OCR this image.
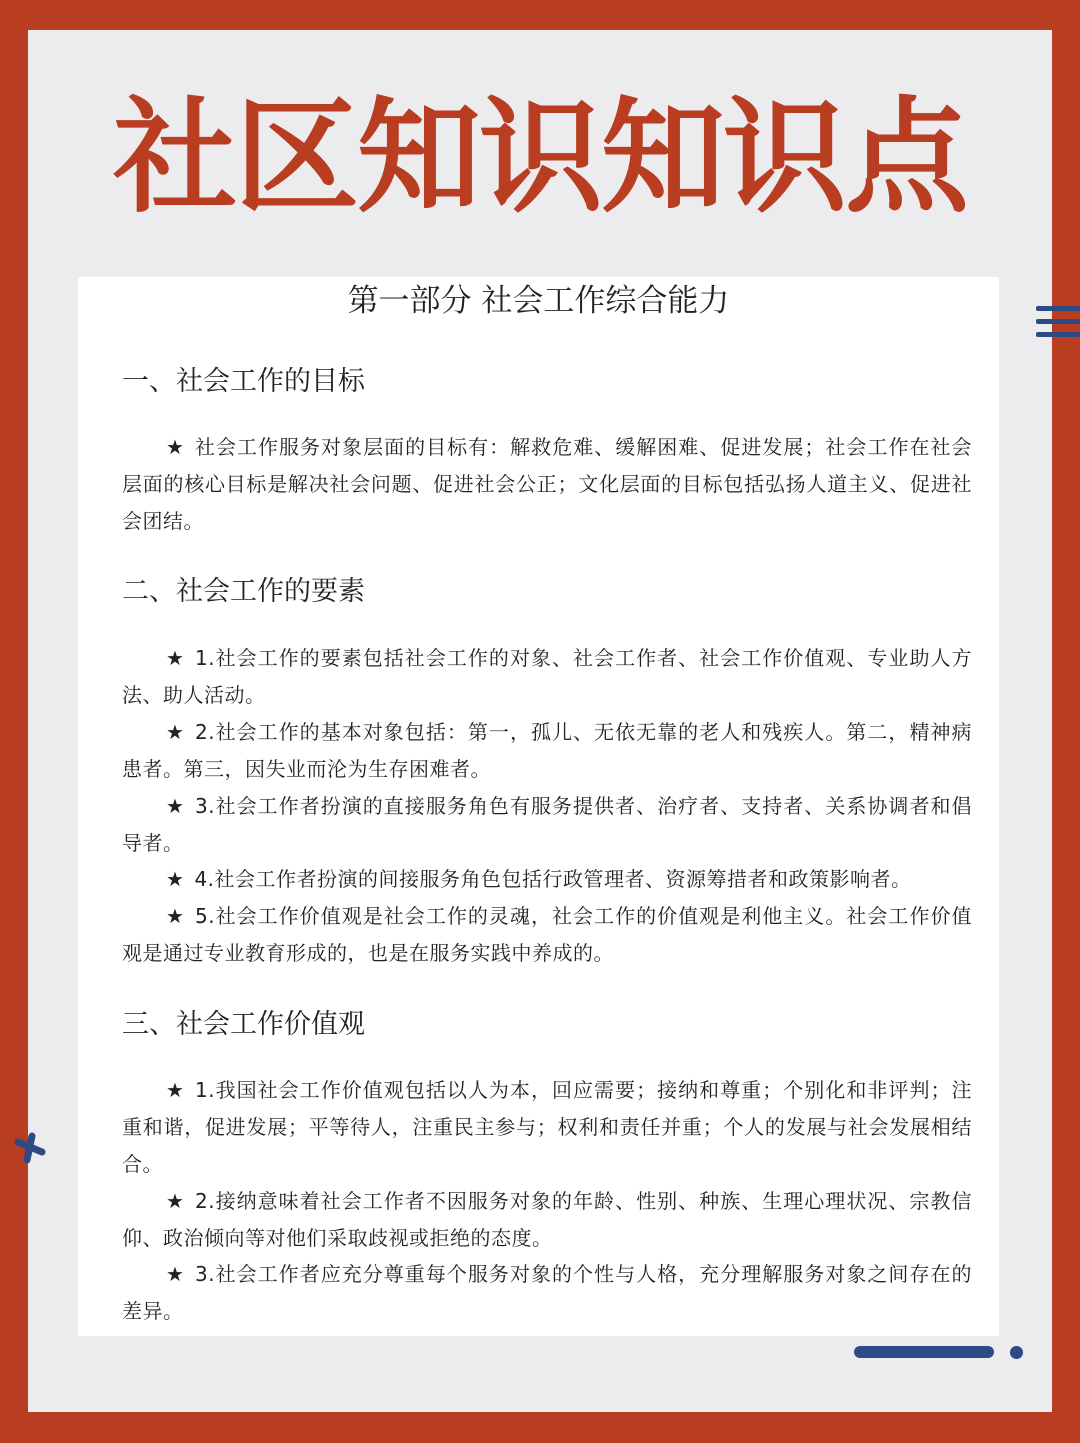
社区知识知识点
第一部分 社会工作综合能力
一、社会工作的目标
★ 社会工作服务对象层面的目标有：解救危难、缓解困难、促进发展；社会工作在社会层面的核心目标是解决社会问题、促进社会公正；文化层面的目标包括弘扬人道主义、促进社会团结。
二、社会工作的要素
★ 1.社会工作的要素包括社会工作的对象、社会工作者、社会工作价值观、专业助人方法、助人活动。
★ 2.社会工作的基本对象包括：第一，孤儿、无依无靠的老人和残疾人。第二，精神病患者。第三，因失业而沦为生存困难者。
★ 3.社会工作者扮演的直接服务角色有服务提供者、治疗者、支持者、关系协调者和倡导者。
★ 4.社会工作者扮演的间接服务角色包括行政管理者、资源筹措者和政策影响者。
★ 5.社会工作价值观是社会工作的灵魂，社会工作的价值观是利他主义。社会工作价值观是通过专业教育形成的，也是在服务实践中养成的。
三、社会工作价值观
★ 1.我国社会工作价值观包括以人为本，回应需要；接纳和尊重；个别化和非评判；注重和谐，促进发展；平等待人，注重民主参与；权利和责任并重；个人的发展与社会发展相结合。
★ 2.接纳意味着社会工作者不因服务对象的年龄、性别、种族、生理心理状况、宗教信仰、政治倾向等对他们采取歧视或拒绝的态度。
★ 3.社会工作者应充分尊重每个服务对象的个性与人格，充分理解服务对象之间存在的差异。
